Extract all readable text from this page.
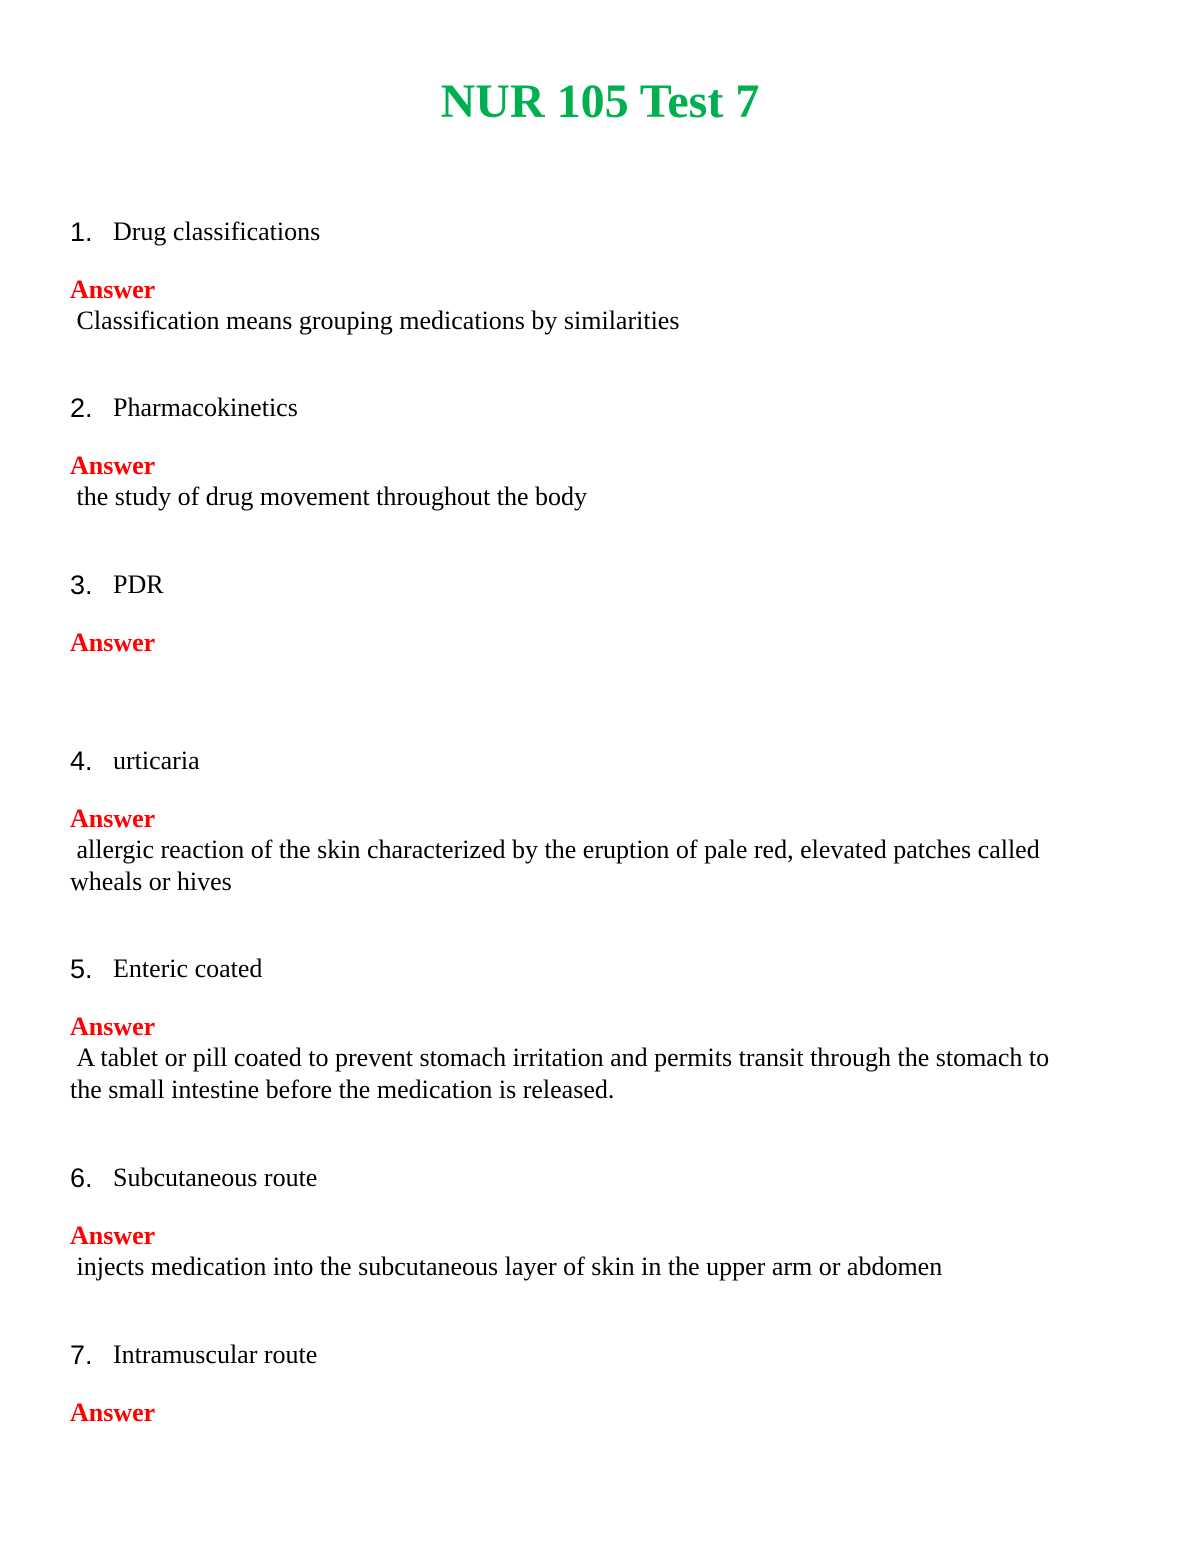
NUR 105 Test 7
1. Drug classifications
Answer
Classification means grouping medications by similarities
2. Pharmacokinetics
Answer
the study of drug movement throughout the body
3. PDR
Answer
4. urticaria
Answer
allergic reaction of the skin characterized by the eruption of pale red, elevated patches called
wheals or hives
5. Enteric coated
Answer
A tablet or pill coated to prevent stomach irritation and permits transit through the stomach to
the small intestine before the medication is released.
6. Subcutaneous route
Answer
injects medication into the subcutaneous layer of skin in the upper arm or abdomen
7. Intramuscular route
Answer
